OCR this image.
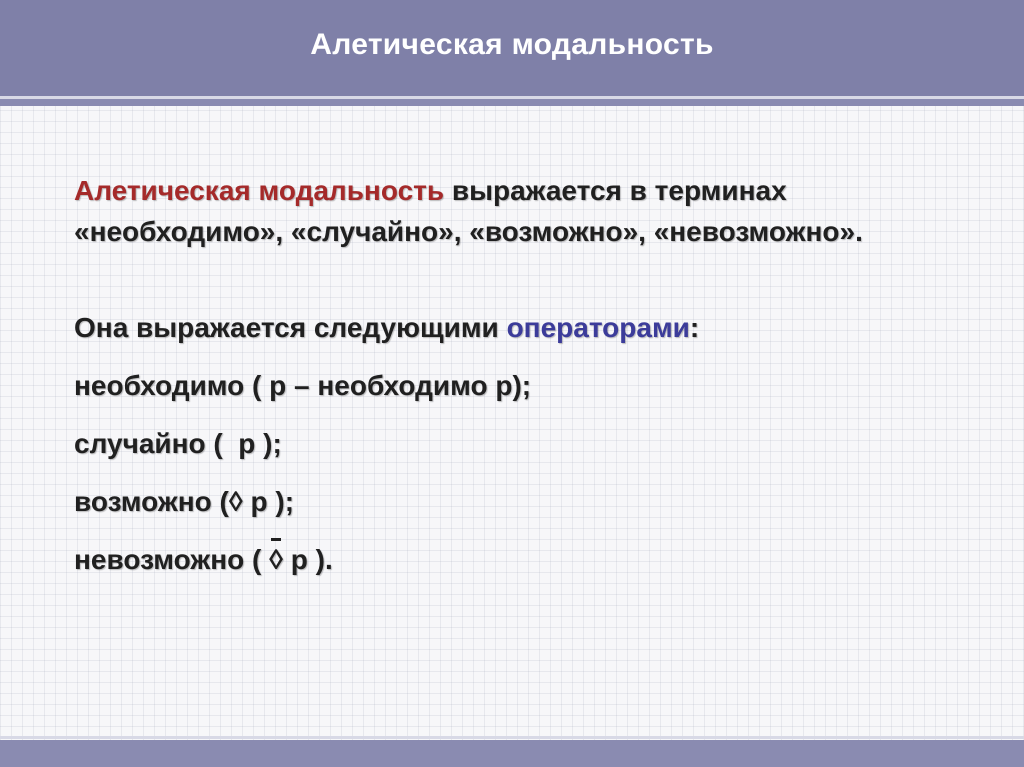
Алетическая модальность
Алетическая модальность выражается в терминах «необходимо», «случайно», «возможно», «невозможно».
Она выражается следующими операторами:
необходимо ( р – необходимо р);
случайно (
р );
возможно (◊ р );
невозможно (
◊ р ).
